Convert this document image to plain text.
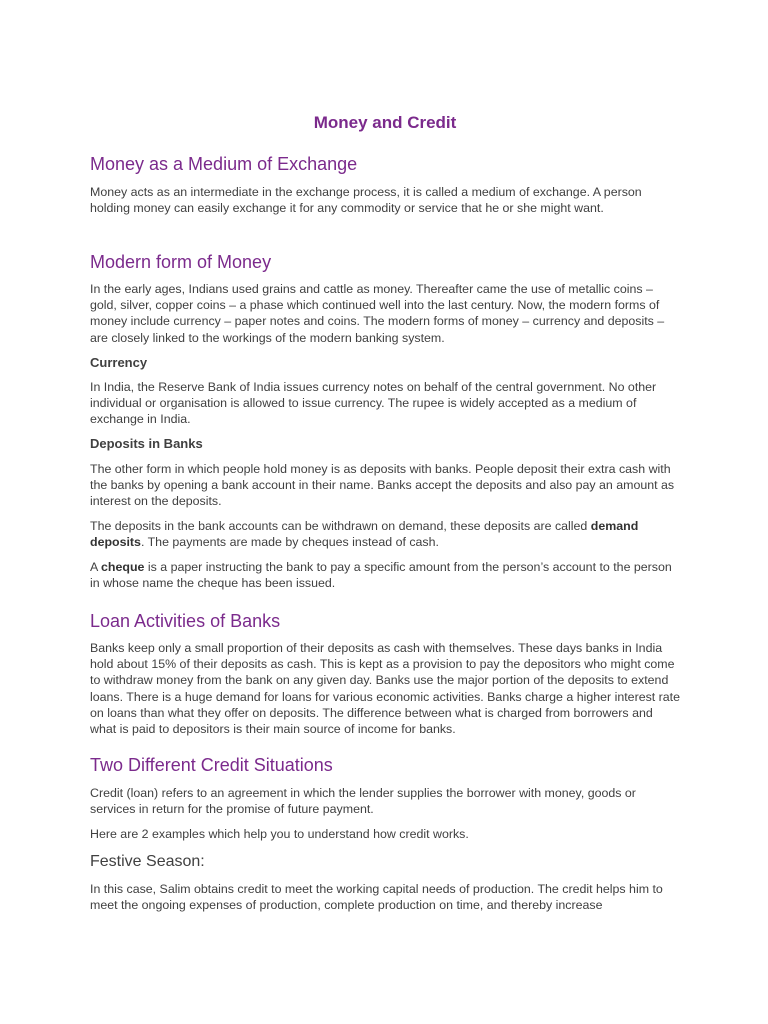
Money and Credit
Money as a Medium of Exchange

Money acts as an intermediate in the exchange process, it is called a medium of exchange. A person holding money can easily exchange it for any commodity or service that he or she might want.

Modern form of Money

In the early ages, Indians used grains and cattle as money. Thereafter came the use of metallic coins – gold, silver, copper coins – a phase which continued well into the last century. Now, the modern forms of money include currency – paper notes and coins. The modern forms of money – currency and deposits – are closely linked to the workings of the modern banking system.

Currency

In India, the Reserve Bank of India issues currency notes on behalf of the central government. No other individual or organisation is allowed to issue currency. The rupee is widely accepted as a medium of exchange in India.

Deposits in Banks

The other form in which people hold money is as deposits with banks. People deposit their extra cash with the banks by opening a bank account in their name. Banks accept the deposits and also pay an amount as interest on the deposits.

The deposits in the bank accounts can be withdrawn on demand, these deposits are called demand deposits. The payments are made by cheques instead of cash.

A cheque is a paper instructing the bank to pay a specific amount from the person’s account to the person in whose name the cheque has been issued.

Loan Activities of Banks

Banks keep only a small proportion of their deposits as cash with themselves. These days banks in India hold about 15% of their deposits as cash. This is kept as a provision to pay the depositors who might come to withdraw money from the bank on any given day. Banks use the major portion of the deposits to extend loans. There is a huge demand for loans for various economic activities. Banks charge a higher interest rate on loans than what they offer on deposits. The difference between what is charged from borrowers and what is paid to depositors is their main source of income for banks.

Two Different Credit Situations

Credit (loan) refers to an agreement in which the lender supplies the borrower with money, goods or services in return for the promise of future payment.

Here are 2 examples which help you to understand how credit works.

Festive Season:

In this case, Salim obtains credit to meet the working capital needs of production. The credit helps him to meet the ongoing expenses of production, complete production on time, and thereby increase
